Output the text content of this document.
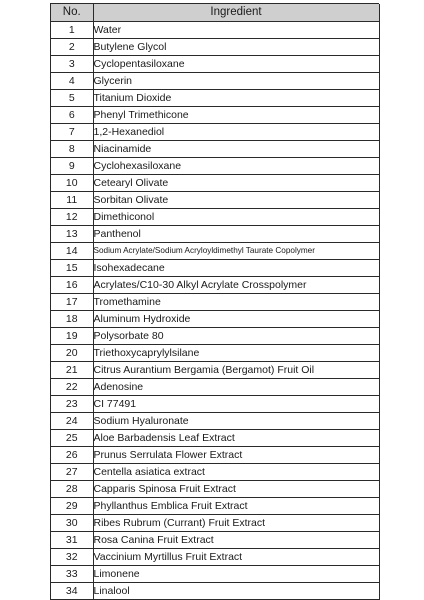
No.	Ingredient
1	Water
2	Butylene Glycol
3	Cyclopentasiloxane
4	Glycerin
5	Titanium Dioxide
6	Phenyl Trimethicone
7	1,2-Hexanediol
8	Niacinamide
9	Cyclohexasiloxane
10	Cetearyl Olivate
11	Sorbitan Olivate
12	Dimethiconol
13	Panthenol
14	Sodium Acrylate/Sodium Acryloyldimethyl Taurate Copolymer
15	Isohexadecane
16	Acrylates/C10-30 Alkyl Acrylate Crosspolymer
17	Tromethamine
18	Aluminum Hydroxide
19	Polysorbate 80
20	Triethoxycaprylylsilane
21	Citrus Aurantium Bergamia (Bergamot) Fruit Oil
22	Adenosine
23	CI 77491
24	Sodium Hyaluronate
25	Aloe Barbadensis Leaf Extract
26	Prunus Serrulata Flower Extract
27	Centella asiatica extract
28	Capparis Spinosa Fruit Extract
29	Phyllanthus Emblica Fruit Extract
30	Ribes Rubrum (Currant) Fruit Extract
31	Rosa Canina Fruit Extract
32	Vaccinium Myrtillus Fruit Extract
33	Limonene
34	Linalool
